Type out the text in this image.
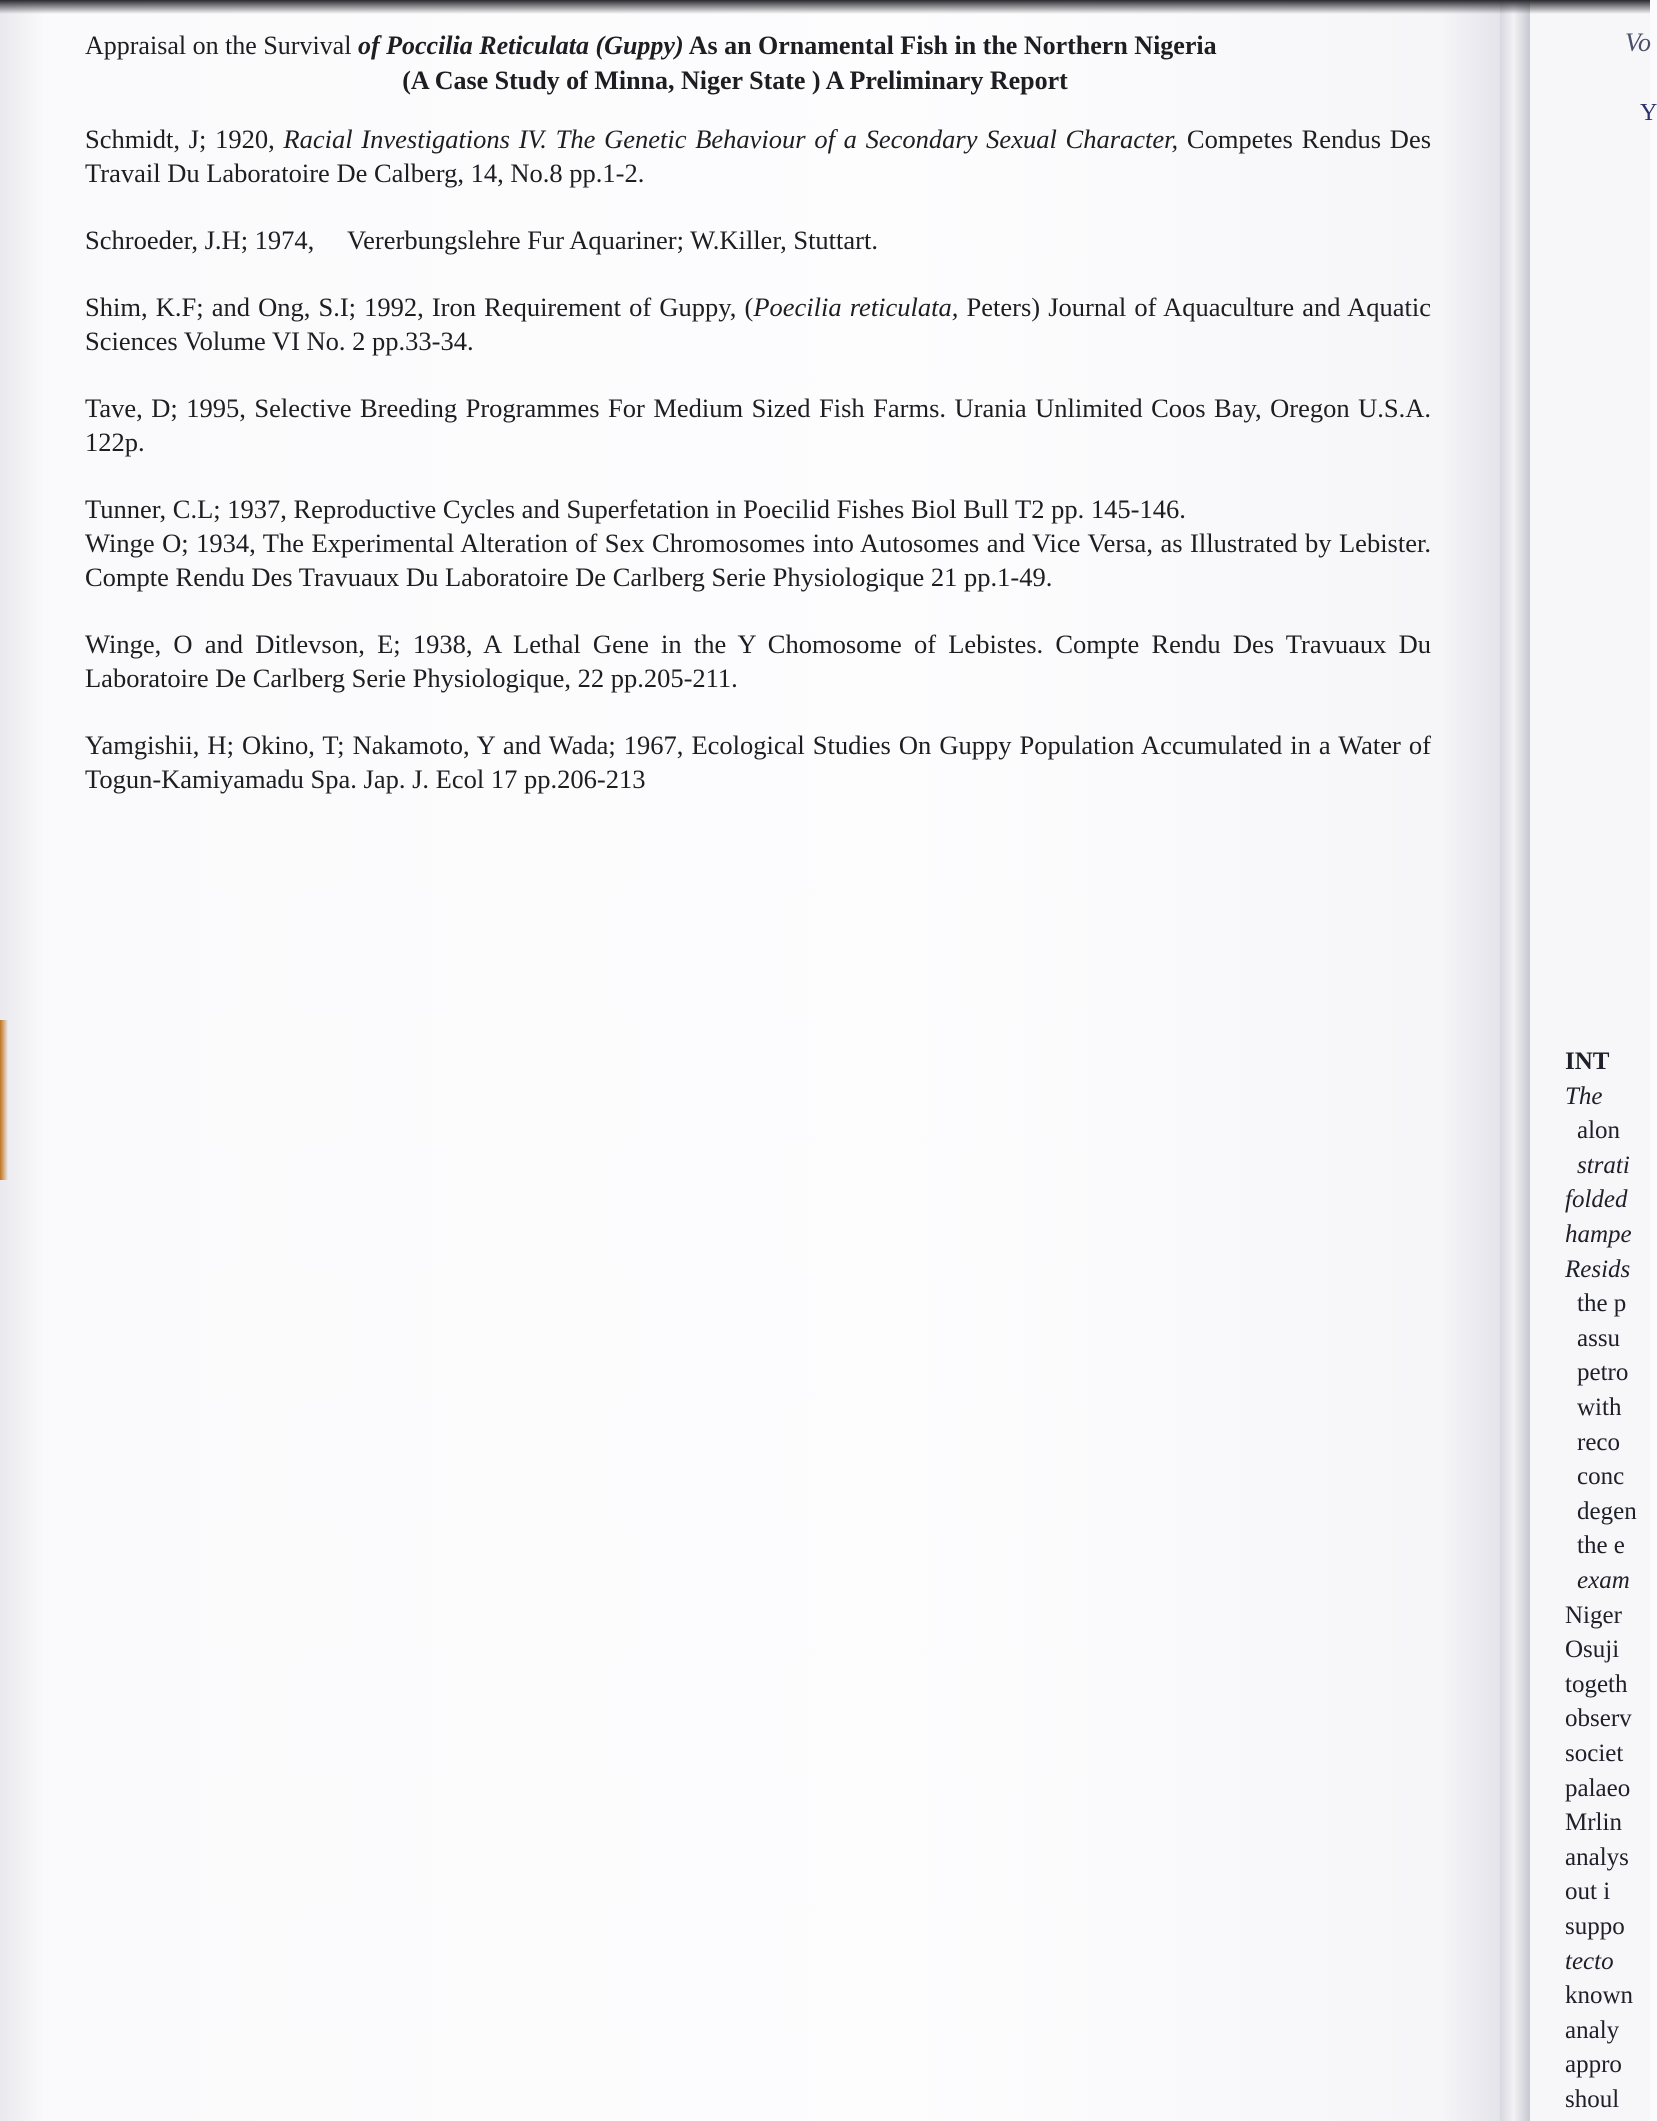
Appraisal on the Survival of Poccilia Reticulata (Guppy) As an Ornamental Fish in the Northern Nigeria
(A Case Study of Minna, Niger State ) A Preliminary Report

Schmidt, J; 1920, Racial Investigations IV. The Genetic Behaviour of a Secondary Sexual Character, Competes Rendus Des Travail Du Laboratoire De Calberg, 14, No.8 pp.1-2.

Schroeder, J.H; 1974,     Vererbungslehre Fur Aquariner; W.Killer, Stuttart.

Shim, K.F; and Ong, S.I; 1992, Iron Requirement of Guppy, (Poecilia reticulata, Peters) Journal of Aquaculture and Aquatic Sciences Volume VI No. 2 pp.33-34.

Tave, D; 1995, Selective Breeding Programmes For Medium Sized Fish Farms. Urania Unlimited Coos Bay, Oregon U.S.A. 122p.

Tunner, C.L; 1937, Reproductive Cycles and Superfetation in Poecilid Fishes Biol Bull T2 pp. 145-146.

Winge O; 1934, The Experimental Alteration of Sex Chromosomes into Autosomes and Vice Versa, as Illustrated by Lebister. Compte Rendu Des Travuaux Du Laboratoire De Carlberg Serie Physiologique 21 pp.1-49.

Winge, O and Ditlevson, E; 1938, A Lethal Gene in the Y Chomosome of Lebistes. Compte Rendu Des Travuaux Du Laboratoire De Carlberg Serie Physiologique, 22 pp.205-211.

Yamgishii, H; Okino, T; Nakamoto, Y and Wada; 1967, Ecological Studies On Guppy Population Accumulated in a Water of Togun-Kamiyamadu Spa. Jap. J. Ecol 17 pp.206-213

Vo
Y
INT
The
alon
strati
folded
hampe
Resids
the p
assu
petro
with
reco
conc
degen
the e
exam
Niger
Osuji
togeth
observ
societ
palaeo
Mrlin
analys
out i
suppo
tecto
known
analy
appro
shoul
